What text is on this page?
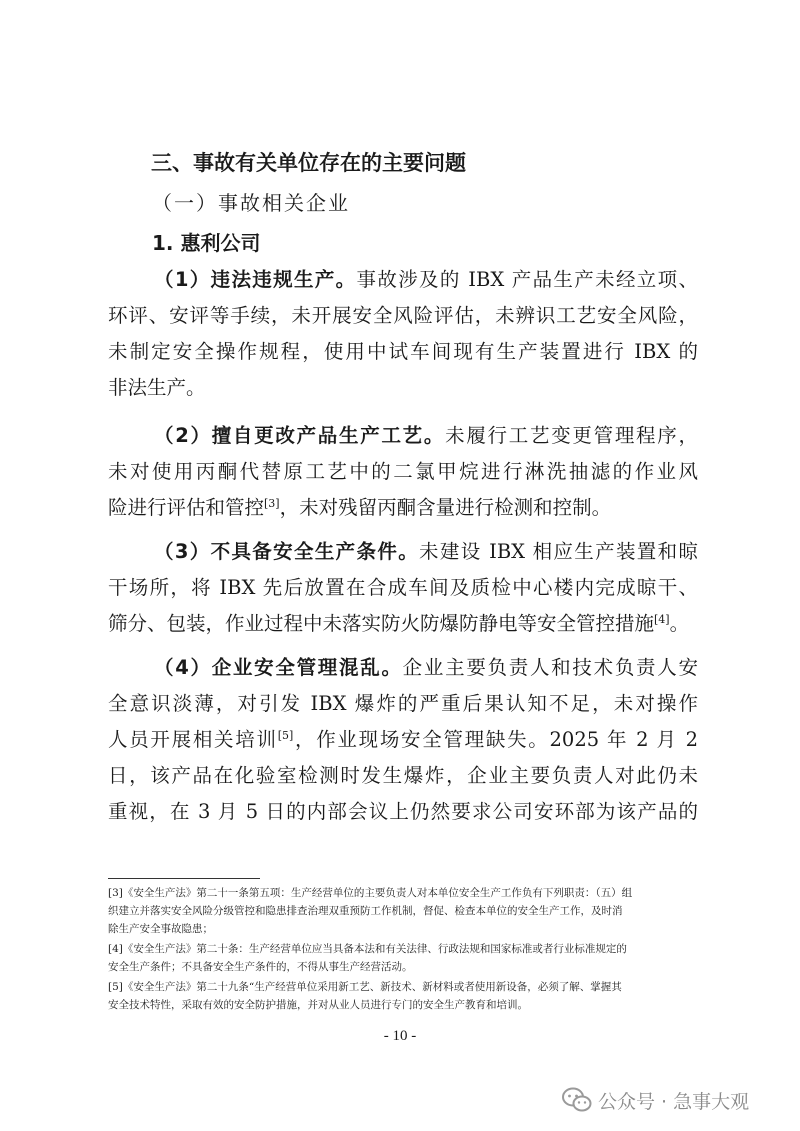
三、事故有关单位存在的主要问题
（一）事故相关企业
1. 惠利公司
（1）违法违规生产。事故涉及的 IBX 产品生产未经立项、
环评、安评等手续，未开展安全风险评估，未辨识工艺安全风险，
未制定安全操作规程，使用中试车间现有生产装置进行 IBX 的
非法生产。
（2）擅自更改产品生产工艺。未履行工艺变更管理程序，
未对使用丙酮代替原工艺中的二氯甲烷进行淋洗抽滤的作业风
险进行评估和管控[3]，未对残留丙酮含量进行检测和控制。
（3）不具备安全生产条件。未建设 IBX 相应生产装置和晾
干场所，将 IBX 先后放置在合成车间及质检中心楼内完成晾干、
筛分、包装，作业过程中未落实防火防爆防静电等安全管控措施[4]。
（4）企业安全管理混乱。企业主要负责人和技术负责人安
全意识淡薄，对引发 IBX 爆炸的严重后果认知不足，未对操作
人员开展相关培训[5]，作业现场安全管理缺失。2025 年 2 月 2
日，该产品在化验室检测时发生爆炸，企业主要负责人对此仍未
重视，在 3 月 5 日的内部会议上仍然要求公司安环部为该产品的
[3]《安全生产法》第二十一条第五项：生产经营单位的主要负责人对本单位安全生产工作负有下列职责：（五）组
织建立并落实安全风险分级管控和隐患排查治理双重预防工作机制，督促、检查本单位的安全生产工作，及时消
除生产安全事故隐患；
[4]《安全生产法》第二十条：生产经营单位应当具备本法和有关法律、行政法规和国家标准或者行业标准规定的
安全生产条件；不具备安全生产条件的，不得从事生产经营活动。
[5]《安全生产法》第二十九条“生产经营单位采用新工艺、新技术、新材料或者使用新设备，必须了解、掌握其
安全技术特性，采取有效的安全防护措施，并对从业人员进行专门的安全生产教育和培训。
- 10 -
公众号 · 急事大观
